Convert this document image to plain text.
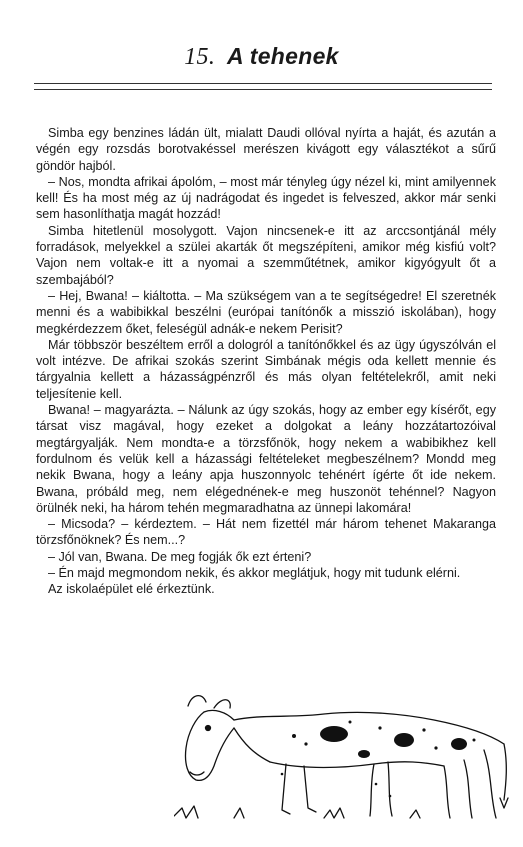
15. A tehenek

Simba egy benzines ládán ült, mialatt Daudi ollóval nyírta a haját, és azután a végén egy rozsdás borotvakéssel merészen kivágott egy választékot a sűrű göndör hajból.

– Nos, mondta afrikai ápolóm, – most már tényleg úgy nézel ki, mint amilyennek kell! És ha most még az új nadrágodat és ingedet is felveszed, akkor már senki sem hasonlíthatja magát hozzád!

Simba hitetlenül mosolygott. Vajon nincsenek-e itt az arccsontjánál mély forradások, melyekkel a szülei akarták őt megszépíteni, amikor még kisfiú volt? Vajon nem voltak-e itt a nyomai a szemműtétnek, amikor kigyógyult őt a szembajából?

– Hej, Bwana! – kiáltotta. – Ma szükségem van a te segítségedre! El szeretnék menni és a wabibikkal beszélni (európai tanítónők a misszió iskolában), hogy megkérdezzem őket, feleségül adnák-e nekem Perisit?

Már többször beszéltem erről a dologról a tanítónőkkel és az ügy úgyszólván el volt intézve. De afrikai szokás szerint Simbának mégis oda kellett mennie és tárgyalnia kellett a házasságpénzről és más olyan feltételekről, amit neki teljesítenie kell.

Bwana! – magyarázta. – Nálunk az úgy szokás, hogy az ember egy kísérőt, egy társat visz magával, hogy ezeket a dolgokat a leány hozzátartozóival megtárgyalják. Nem mondta-e a törzsfőnök, hogy nekem a wabibikhez kell fordulnom és velük kell a házassági feltételeket megbeszélnem? Mondd meg nekik Bwana, hogy a leány apja huszonnyolc tehénért ígérte őt ide nekem. Bwana, próbáld meg, nem elégednének-e meg huszonöt tehénnel? Nagyon örülnék neki, ha három tehén megmaradhatna az ünnepi lakomára!

– Micsoda? – kérdeztem. – Hát nem fizettél már három tehenet Makaranga törzsfőnöknek? És nem...?

– Jól van, Bwana. De meg fogják ők ezt érteni?

– Én majd megmondom nekik, és akkor meglátjuk, hogy mit tudunk elérni.

Az iskolaépület elé érkeztünk.
